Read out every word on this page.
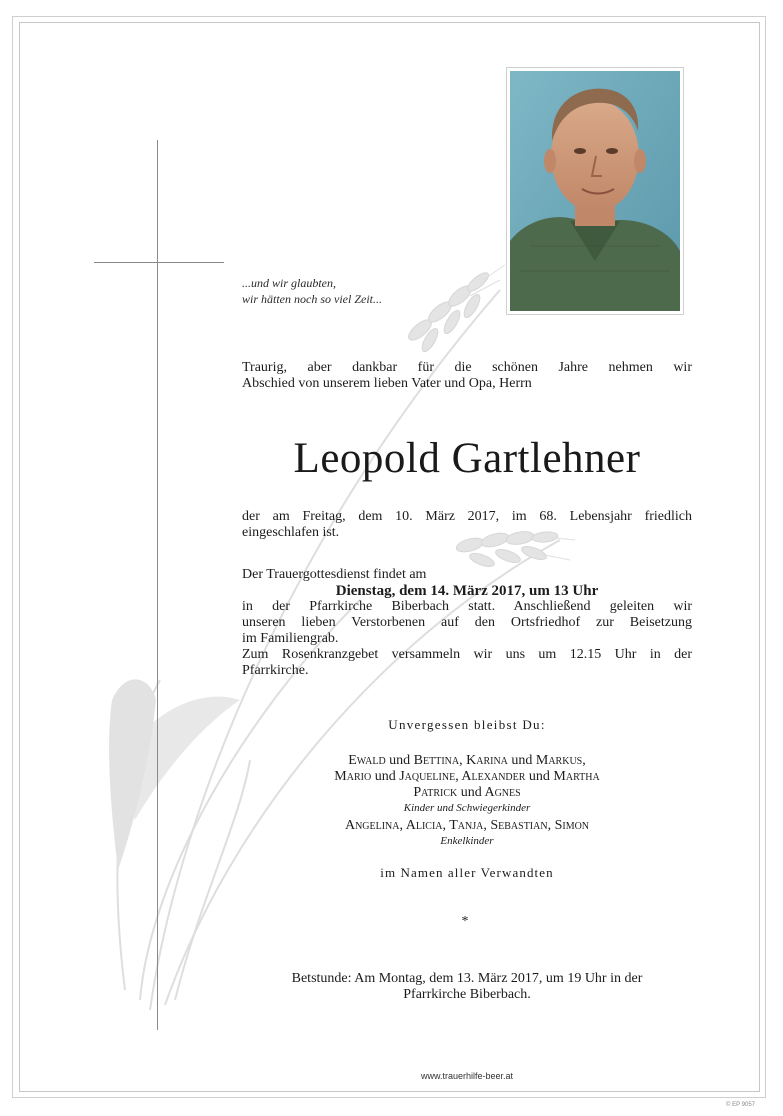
...und wir glaubten,
wir hätten noch so viel Zeit...
Traurig, aber dankbar für die schönen Jahre nehmen wir
Abschied von unserem lieben Vater und Opa, Herrn
Leopold Gartlehner
der am Freitag, dem 10. März 2017, im 68. Lebensjahr friedlich
eingeschlafen ist.
Der Trauergottesdienst findet am
Dienstag, dem 14. März 2017, um 13 Uhr
in der Pfarrkirche Biberbach statt. Anschließend geleiten wir
unseren lieben Verstorbenen auf den Ortsfriedhof zur Beisetzung
im Familiengrab.
Zum Rosenkranzgebet versammeln wir uns um 12.15 Uhr in der
Pfarrkirche.
Unvergessen bleibst Du:
Ewald und Bettina, Karina und Markus,
Mario und Jaqueline, Alexander und Martha
Patrick und Agnes
Kinder und Schwiegerkinder
Angelina, Alicia, Tanja, Sebastian, Simon
Enkelkinder
im Namen aller Verwandten
*
Betstunde: Am Montag, dem 13. März 2017, um 19 Uhr in der
Pfarrkirche Biberbach.
www.trauerhilfe-beer.at
© EP 9057
